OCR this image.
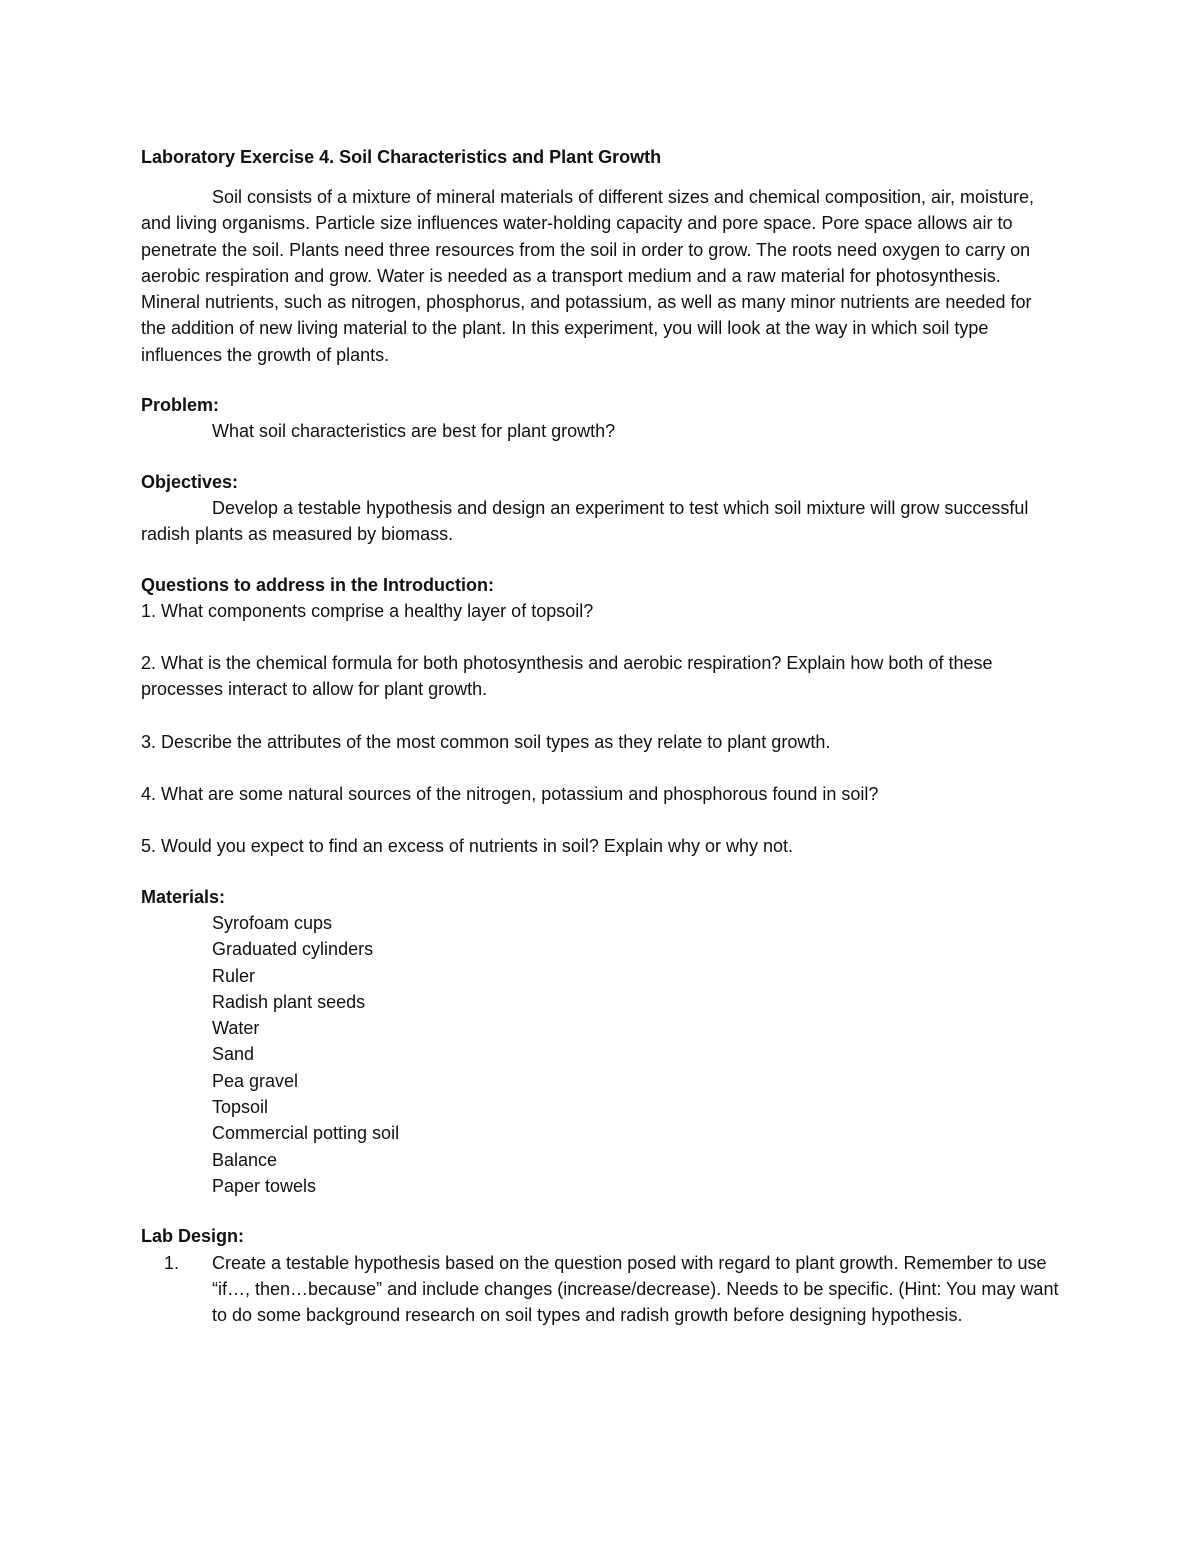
Laboratory Exercise 4. Soil Characteristics and Plant Growth

Soil consists of a mixture of mineral materials of different sizes and chemical composition, air, moisture, and living organisms. Particle size influences water-holding capacity and pore space. Pore space allows air to penetrate the soil. Plants need three resources from the soil in order to grow. The roots need oxygen to carry on aerobic respiration and grow. Water is needed as a transport medium and a raw material for photosynthesis. Mineral nutrients, such as nitrogen, phosphorus, and potassium, as well as many minor nutrients are needed for the addition of new living material to the plant. In this experiment, you will look at the way in which soil type influences the growth of plants.

Problem:

What soil characteristics are best for plant growth?

Objectives:

Develop a testable hypothesis and design an experiment to test which soil mixture will grow successful radish plants as measured by biomass.

Questions to address in the Introduction:

1. What components comprise a healthy layer of topsoil?

2. What is the chemical formula for both photosynthesis and aerobic respiration? Explain how both of these processes interact to allow for plant growth.

3. Describe the attributes of the most common soil types as they relate to plant growth.

4. What are some natural sources of the nitrogen, potassium and phosphorous found in soil?

5. Would you expect to find an excess of nutrients in soil? Explain why or why not.

Materials:

Syrofoam cups
Graduated cylinders
Ruler
Radish plant seeds
Water
Sand
Pea gravel
Topsoil
Commercial potting soil
Balance
Paper towels

Lab Design:

1.	Create a testable hypothesis based on the question posed with regard to plant growth. Remember to use “if…, then…because” and include changes (increase/decrease). Needs to be specific. (Hint: You may want to do some background research on soil types and radish growth before designing hypothesis.
